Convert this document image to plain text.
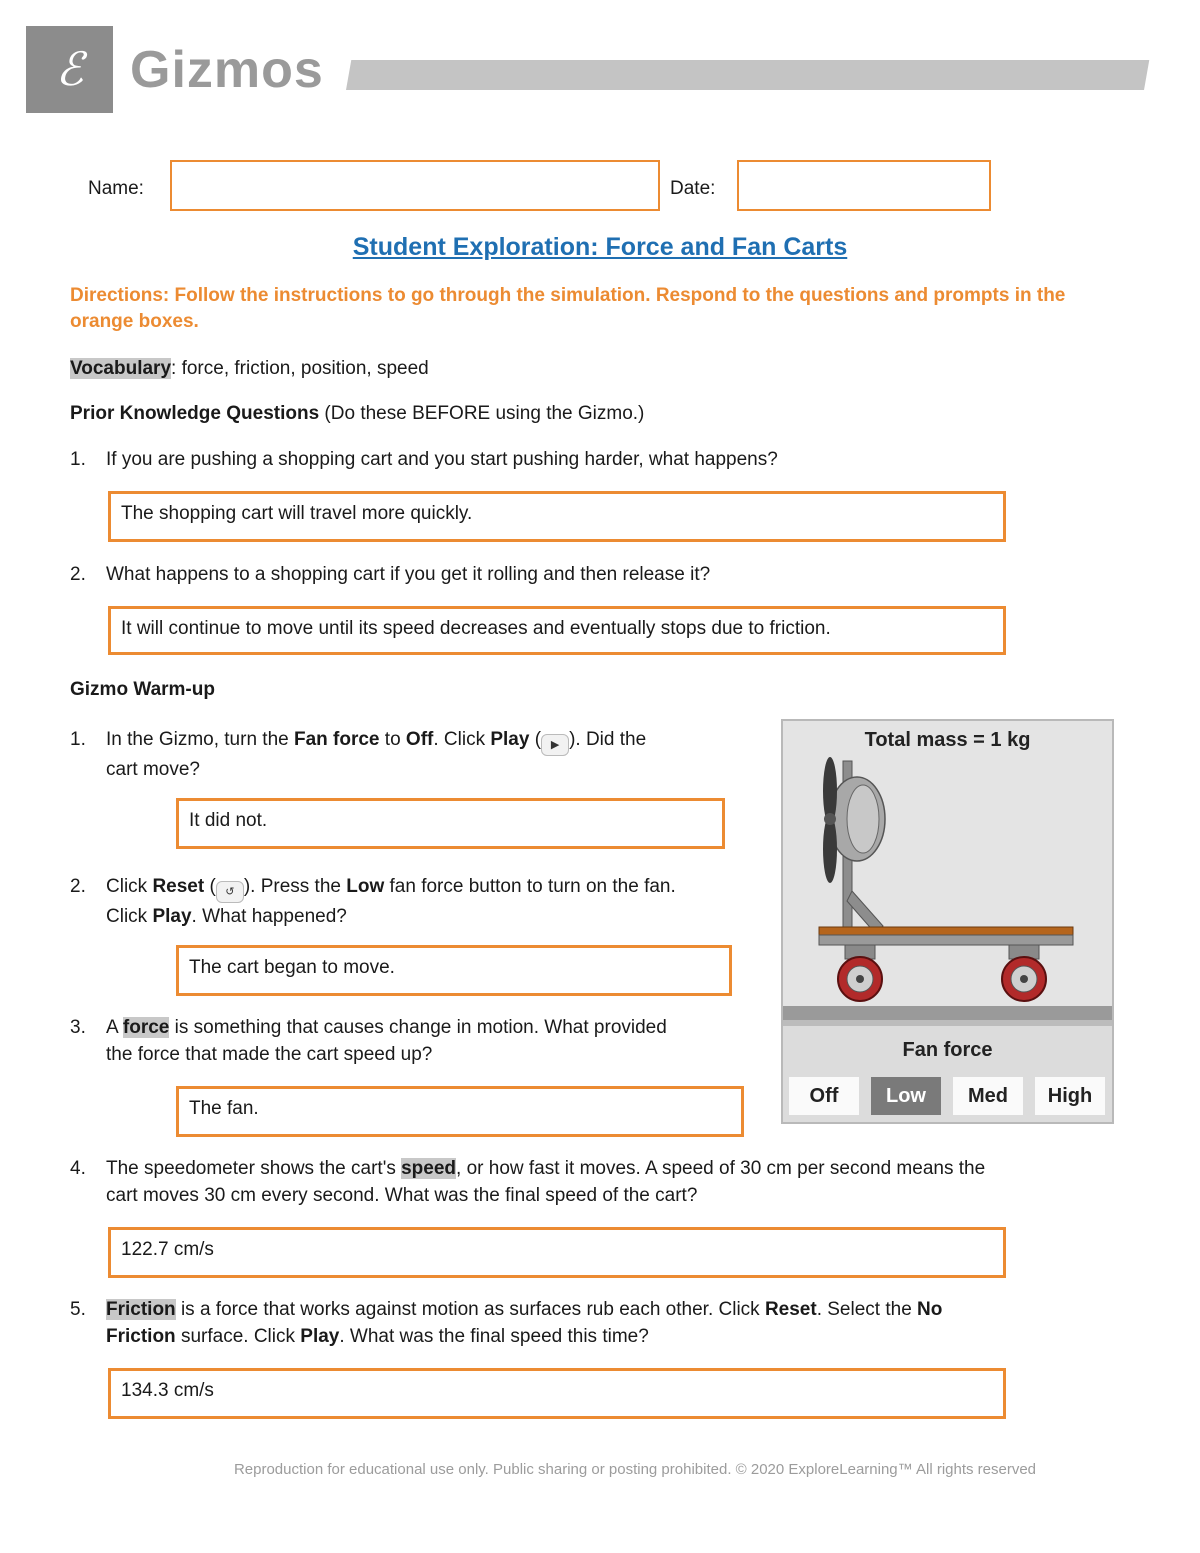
ℰ Gizmos
Name:	Date:
Student Exploration: Force and Fan Carts
Directions: Follow the instructions to go through the simulation. Respond to the questions and prompts in the orange boxes.
Vocabulary: force, friction, position, speed
Prior Knowledge Questions (Do these BEFORE using the Gizmo.)
1. If you are pushing a shopping cart and you start pushing harder, what happens?
The shopping cart will travel more quickly.
2. What happens to a shopping cart if you get it rolling and then release it?
It will continue to move until its speed decreases and eventually stops due to friction.
Gizmo Warm-up
1. In the Gizmo, turn the Fan force to Off. Click Play ( ▶ ). Did the
cart move?
It did not.
2. Click Reset ( ↺ ). Press the Low fan force button to turn on the fan.
Click Play. What happened?
The cart began to move.
3. A force is something that causes change in motion. What provided
the force that made the cart speed up?
The fan.
Total mass = 1 kg
Fan force
Off	Low	Med	High
4. The speedometer shows the cart's speed, or how fast it moves. A speed of 30 cm per second means the
cart moves 30 cm every second. What was the final speed of the cart?
122.7 cm/s
5. Friction is a force that works against motion as surfaces rub each other. Click Reset. Select the No
Friction surface. Click Play. What was the final speed this time?
134.3 cm/s
Reproduction for educational use only. Public sharing or posting prohibited. © 2020 ExploreLearning™ All rights reserved
